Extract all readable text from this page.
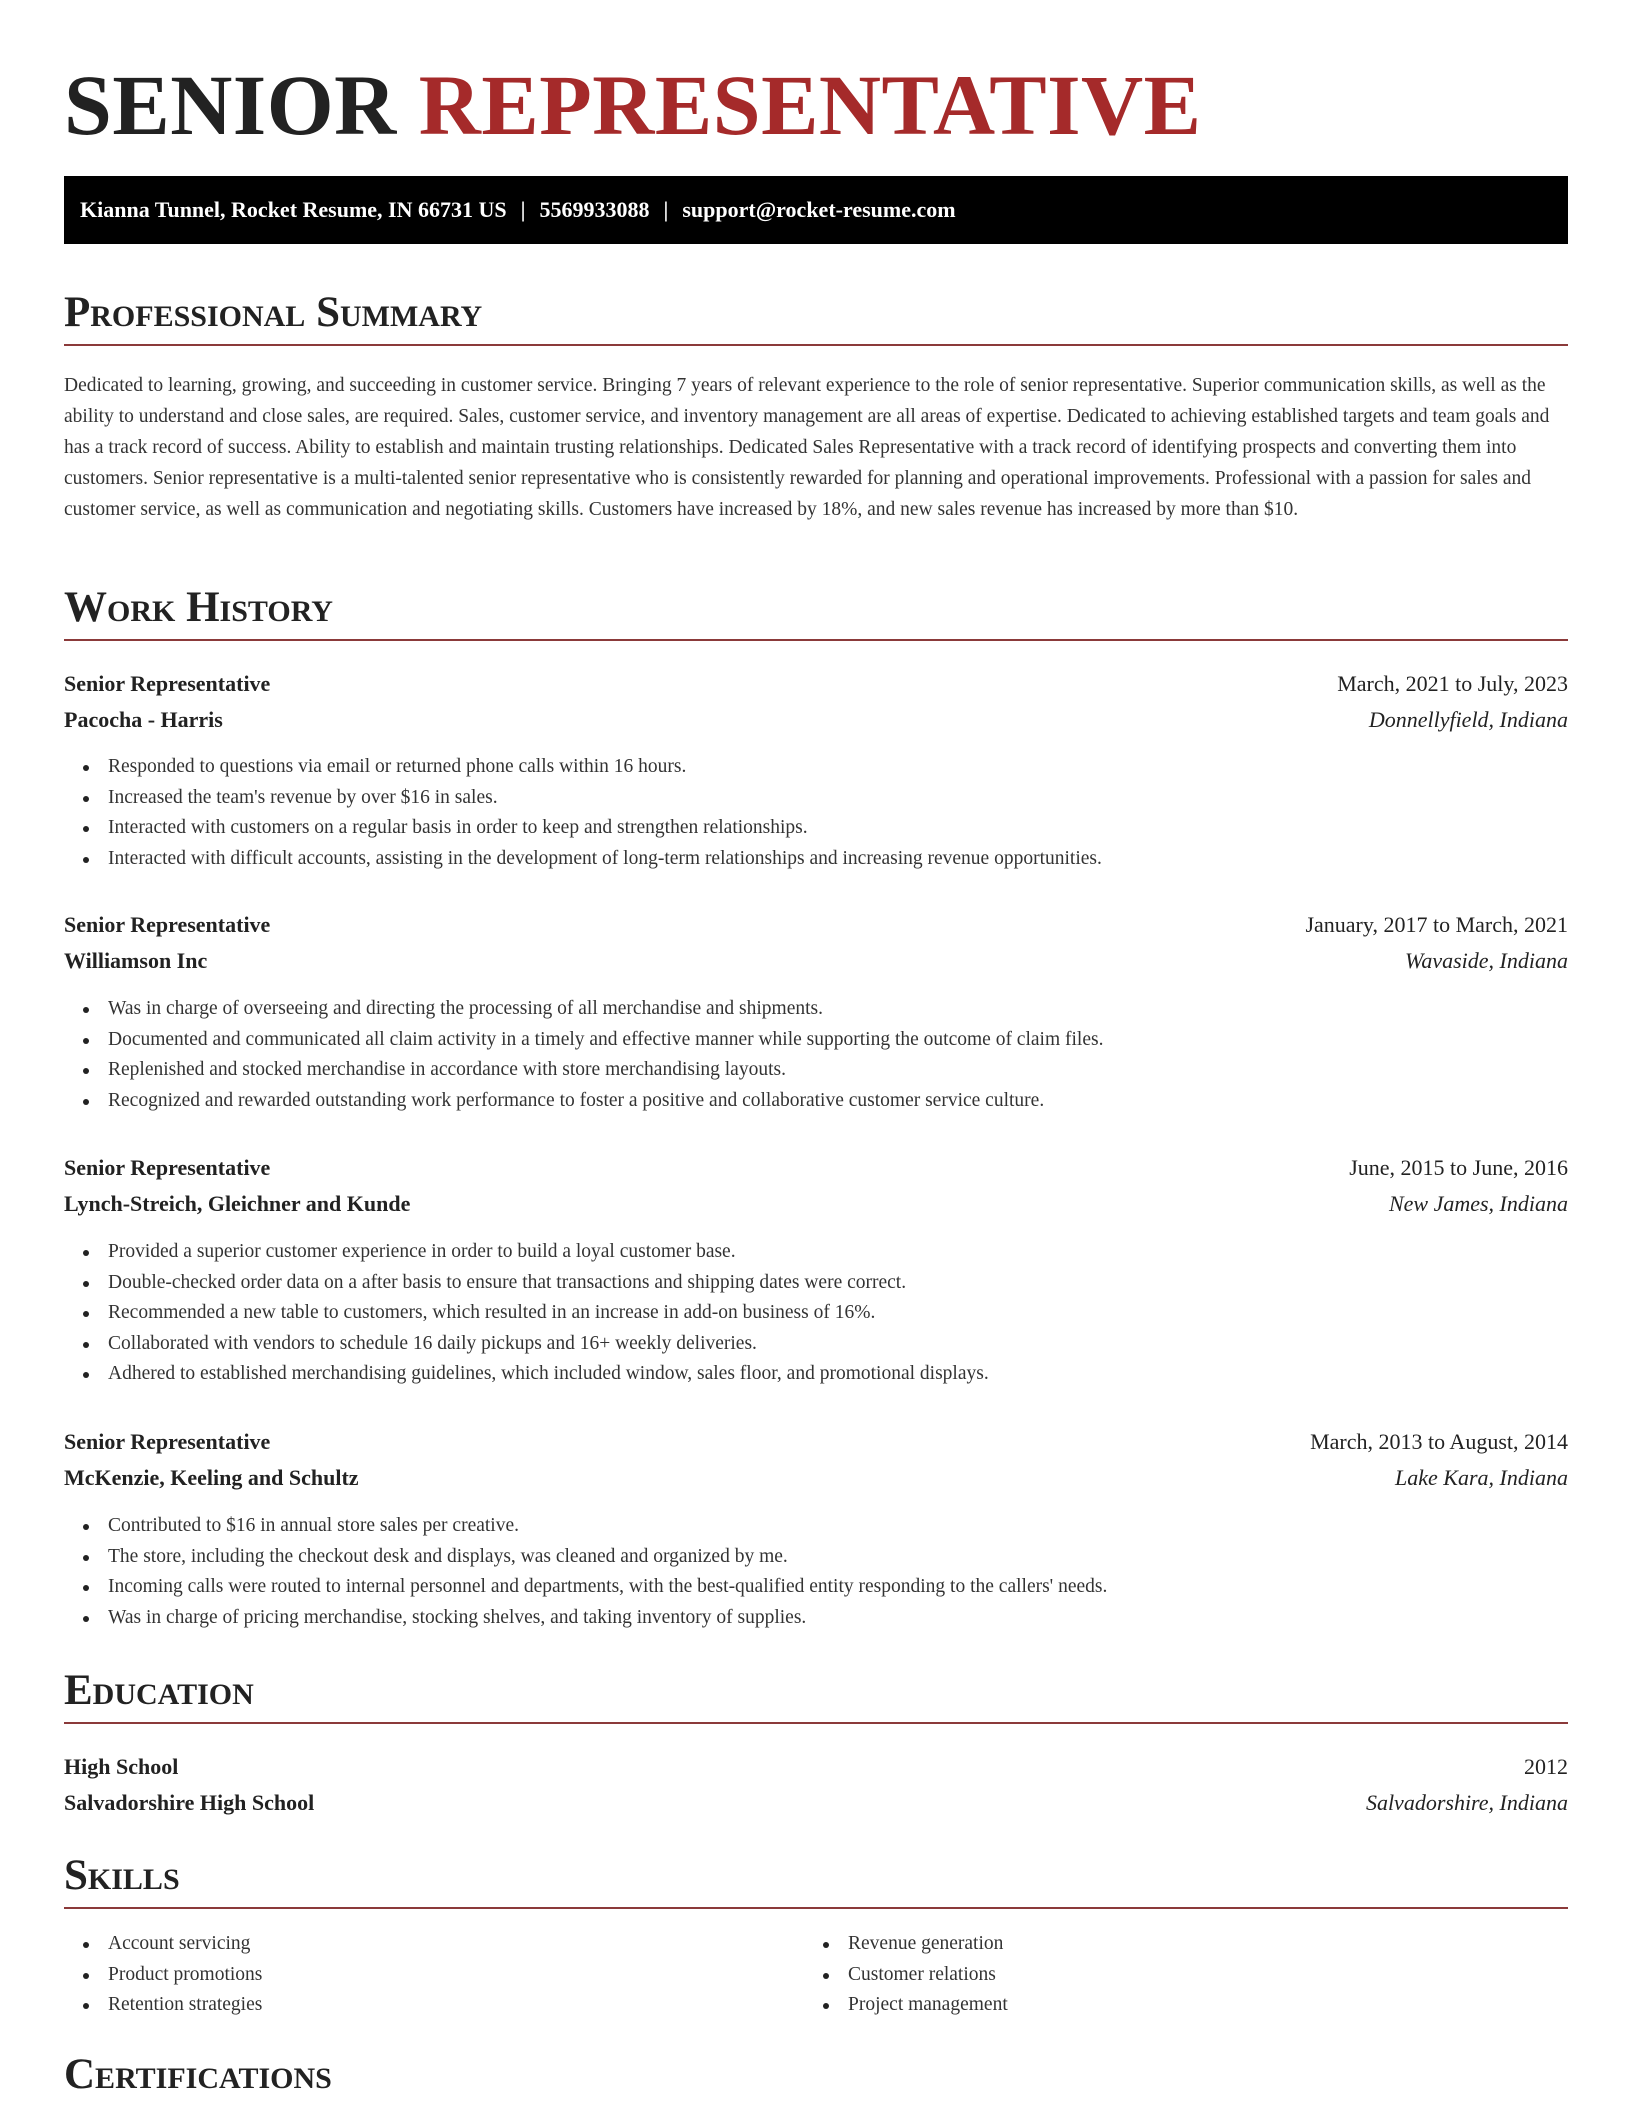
SENIOR REPRESENTATIVE
Kianna Tunnel, Rocket Resume, IN 66731 US | 5569933088 | support@rocket-resume.com
Professional Summary
Dedicated to learning, growing, and succeeding in customer service. Bringing 7 years of relevant experience to the role of senior representative. Superior communication skills, as well as the ability to understand and close sales, are required. Sales, customer service, and inventory management are all areas of expertise. Dedicated to achieving established targets and team goals and has a track record of success. Ability to establish and maintain trusting relationships. Dedicated Sales Representative with a track record of identifying prospects and converting them into customers. Senior representative is a multi-talented senior representative who is consistently rewarded for planning and operational improvements. Professional with a passion for sales and customer service, as well as communication and negotiating skills. Customers have increased by 18%, and new sales revenue has increased by more than $10.
Work History
Senior Representative	March, 2021 to July, 2023
Pacocha - Harris	Donnellyfield, Indiana
Responded to questions via email or returned phone calls within 16 hours.
Increased the team's revenue by over $16 in sales.
Interacted with customers on a regular basis in order to keep and strengthen relationships.
Interacted with difficult accounts, assisting in the development of long-term relationships and increasing revenue opportunities.
Senior Representative	January, 2017 to March, 2021
Williamson Inc	Wavaside, Indiana
Was in charge of overseeing and directing the processing of all merchandise and shipments.
Documented and communicated all claim activity in a timely and effective manner while supporting the outcome of claim files.
Replenished and stocked merchandise in accordance with store merchandising layouts.
Recognized and rewarded outstanding work performance to foster a positive and collaborative customer service culture.
Senior Representative	June, 2015 to June, 2016
Lynch-Streich, Gleichner and Kunde	New James, Indiana
Provided a superior customer experience in order to build a loyal customer base.
Double-checked order data on a after basis to ensure that transactions and shipping dates were correct.
Recommended a new table to customers, which resulted in an increase in add-on business of 16%.
Collaborated with vendors to schedule 16 daily pickups and 16+ weekly deliveries.
Adhered to established merchandising guidelines, which included window, sales floor, and promotional displays.
Senior Representative	March, 2013 to August, 2014
McKenzie, Keeling and Schultz	Lake Kara, Indiana
Contributed to $16 in annual store sales per creative.
The store, including the checkout desk and displays, was cleaned and organized by me.
Incoming calls were routed to internal personnel and departments, with the best-qualified entity responding to the callers' needs.
Was in charge of pricing merchandise, stocking shelves, and taking inventory of supplies.
Education
High School	2012
Salvadorshire High School	Salvadorshire, Indiana
Skills
Account servicing
Product promotions
Retention strategies
Revenue generation
Customer relations
Project management
Certifications
